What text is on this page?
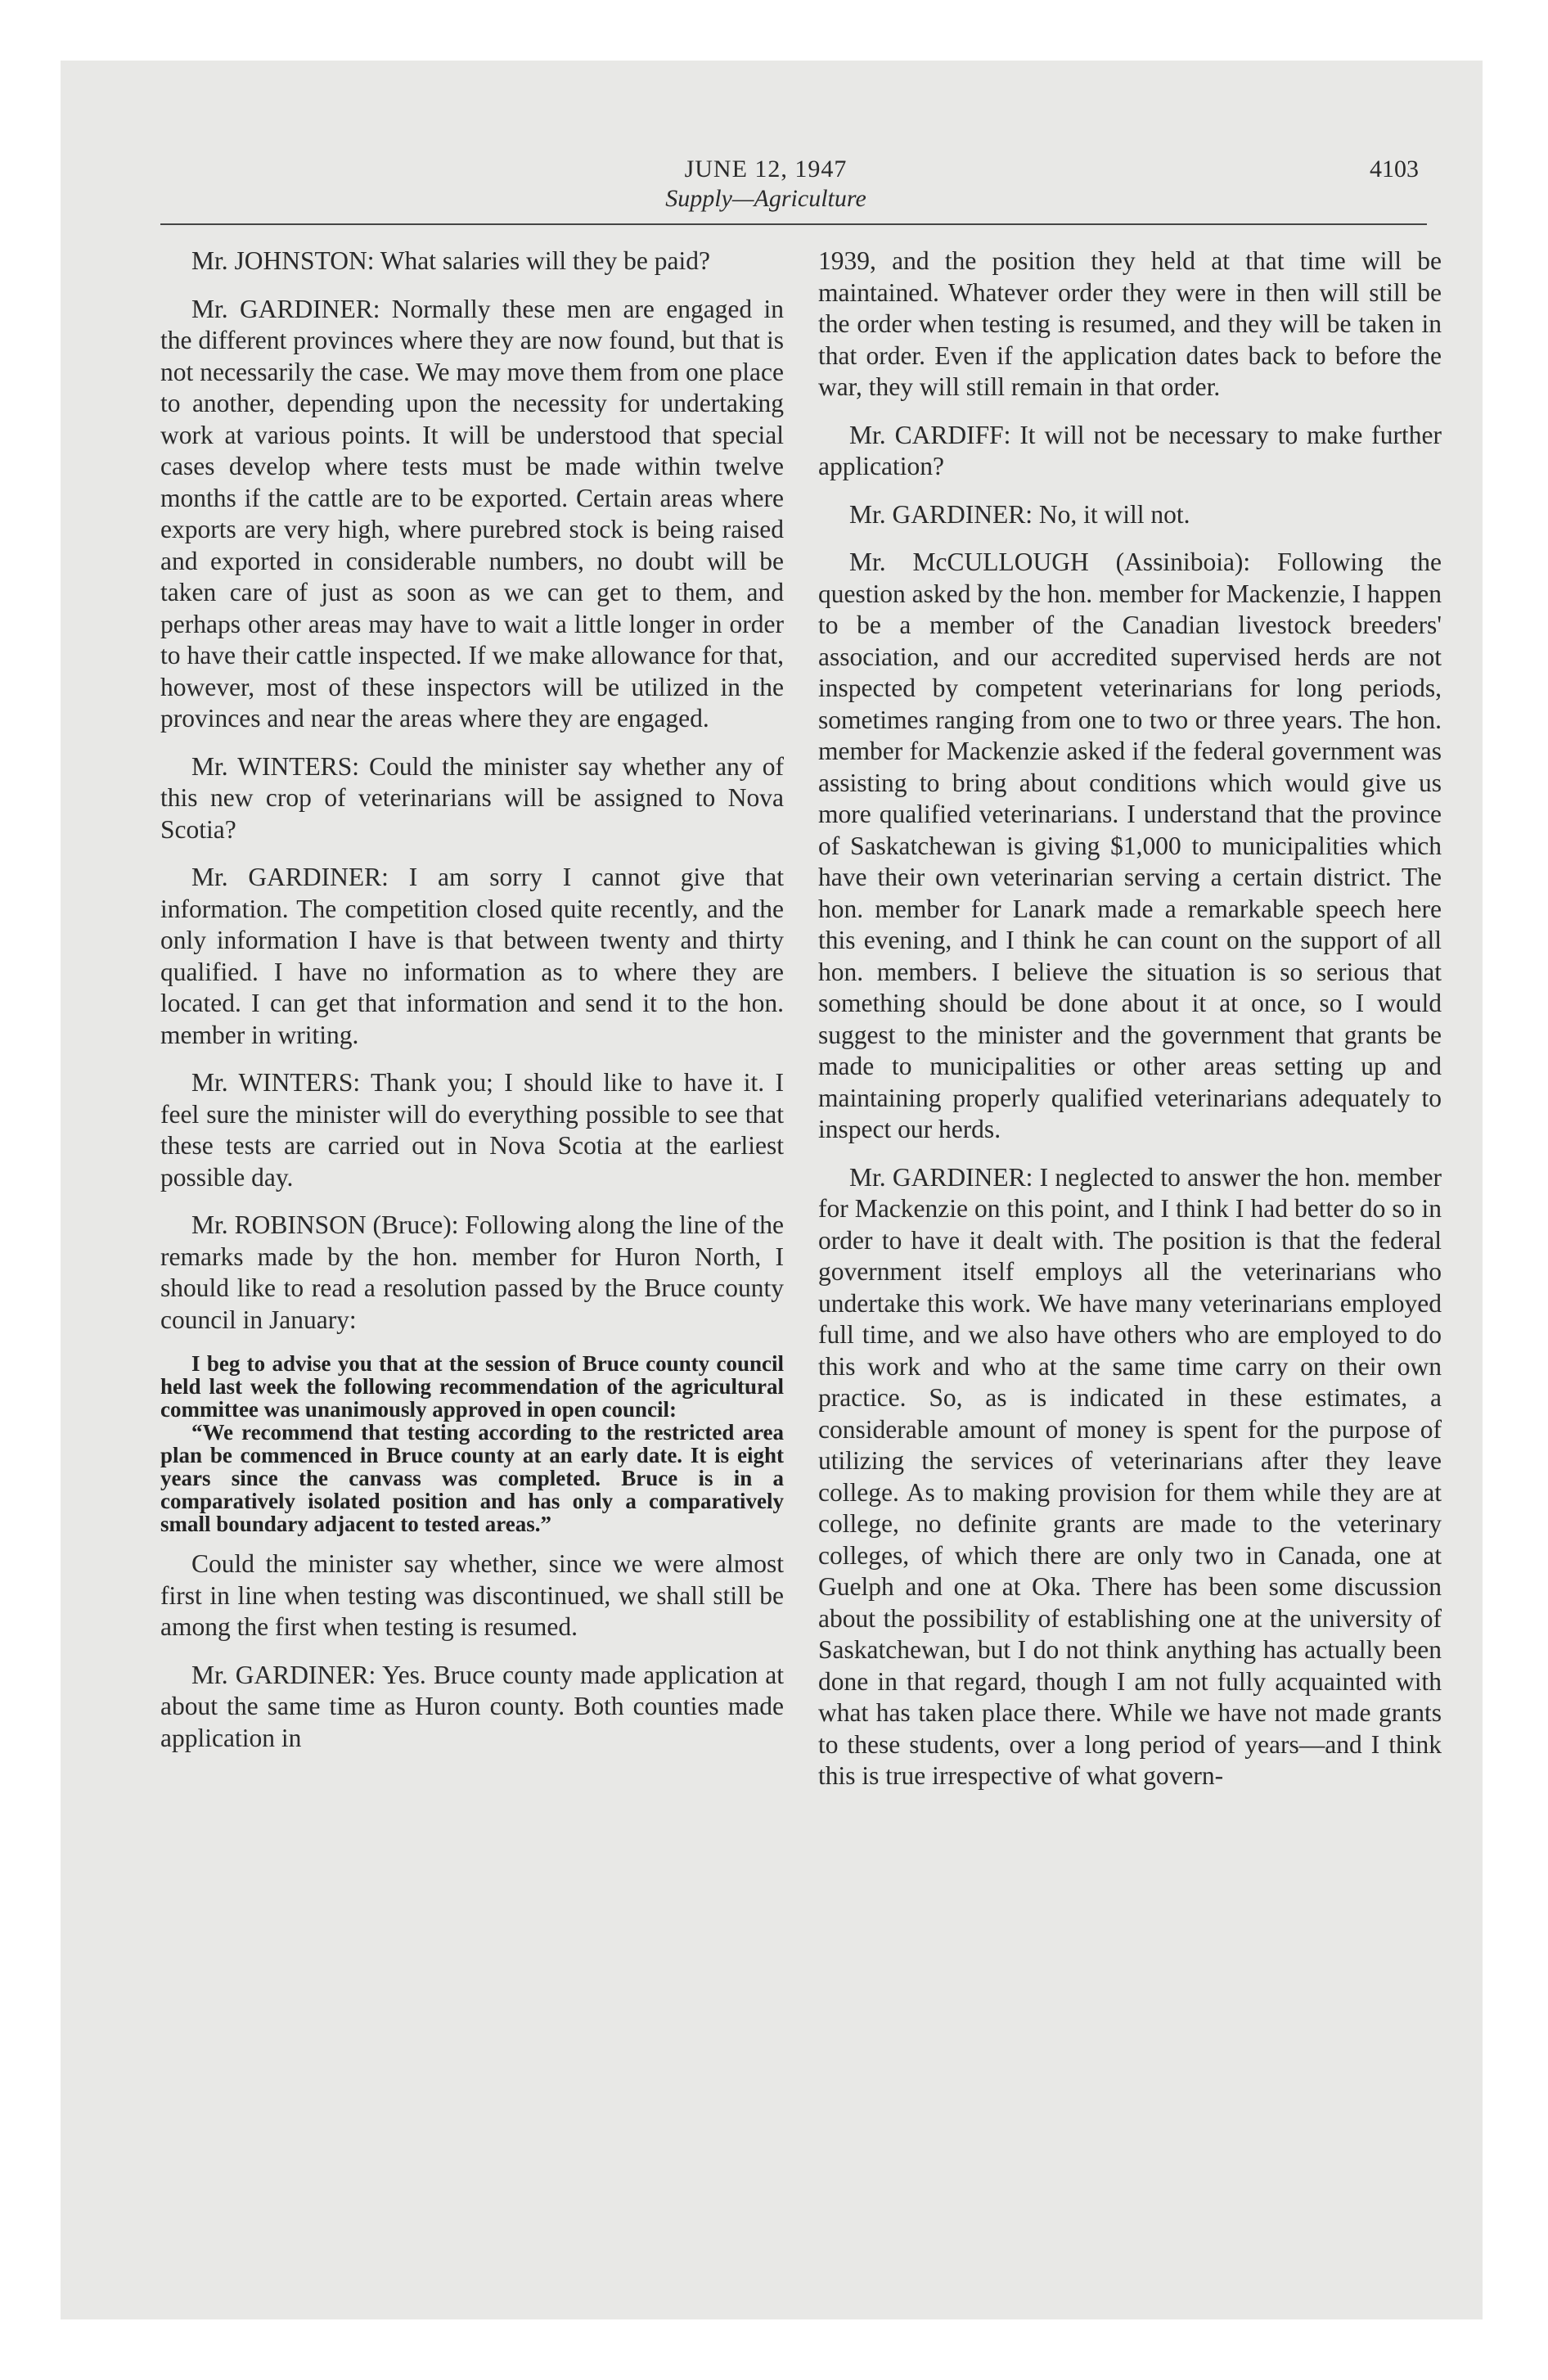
JUNE 12, 1947	4103
Supply—Agriculture

Mr. JOHNSTON: What salaries will they be paid?

Mr. GARDINER: Normally these men are engaged in the different provinces where they are now found, but that is not necessarily the case. We may move them from one place to another, depending upon the necessity for undertaking work at various points. It will be understood that special cases develop where tests must be made within twelve months if the cattle are to be exported. Certain areas where exports are very high, where purebred stock is being raised and exported in considerable numbers, no doubt will be taken care of just as soon as we can get to them, and perhaps other areas may have to wait a little longer in order to have their cattle inspected. If we make allowance for that, however, most of these inspectors will be utilized in the provinces and near the areas where they are engaged.

Mr. WINTERS: Could the minister say whether any of this new crop of veterinarians will be assigned to Nova Scotia?

Mr. GARDINER: I am sorry I cannot give that information. The competition closed quite recently, and the only information I have is that between twenty and thirty qualified. I have no information as to where they are located. I can get that information and send it to the hon. member in writing.

Mr. WINTERS: Thank you; I should like to have it. I feel sure the minister will do everything possible to see that these tests are carried out in Nova Scotia at the earliest possible day.

Mr. ROBINSON (Bruce): Following along the line of the remarks made by the hon. member for Huron North, I should like to read a resolution passed by the Bruce county council in January:

I beg to advise you that at the session of Bruce county council held last week the following recommendation of the agricultural committee was unanimously approved in open council:
“We recommend that testing according to the restricted area plan be commenced in Bruce county at an early date. It is eight years since the canvass was completed. Bruce is in a comparatively isolated position and has only a comparatively small boundary adjacent to tested areas.”

Could the minister say whether, since we were almost first in line when testing was discontinued, we shall still be among the first when testing is resumed.

Mr. GARDINER: Yes. Bruce county made application at about the same time as Huron county. Both counties made application in

1939, and the position they held at that time will be maintained. Whatever order they were in then will still be the order when testing is resumed, and they will be taken in that order. Even if the application dates back to before the war, they will still remain in that order.

Mr. CARDIFF: It will not be necessary to make further application?

Mr. GARDINER: No, it will not.

Mr. McCULLOUGH (Assiniboia): Following the question asked by the hon. member for Mackenzie, I happen to be a member of the Canadian livestock breeders' association, and our accredited supervised herds are not inspected by competent veterinarians for long periods, sometimes ranging from one to two or three years. The hon. member for Mackenzie asked if the federal government was assisting to bring about conditions which would give us more qualified veterinarians. I understand that the province of Saskatchewan is giving $1,000 to municipalities which have their own veterinarian serving a certain district. The hon. member for Lanark made a remarkable speech here this evening, and I think he can count on the support of all hon. members. I believe the situation is so serious that something should be done about it at once, so I would suggest to the minister and the government that grants be made to municipalities or other areas setting up and maintaining properly qualified veterinarians adequately to inspect our herds.

Mr. GARDINER: I neglected to answer the hon. member for Mackenzie on this point, and I think I had better do so in order to have it dealt with. The position is that the federal government itself employs all the veterinarians who undertake this work. We have many veterinarians employed full time, and we also have others who are employed to do this work and who at the same time carry on their own practice. So, as is indicated in these estimates, a considerable amount of money is spent for the purpose of utilizing the services of veterinarians after they leave college. As to making provision for them while they are at college, no definite grants are made to the veterinary colleges, of which there are only two in Canada, one at Guelph and one at Oka. There has been some discussion about the possibility of establishing one at the university of Saskatchewan, but I do not think anything has actually been done in that regard, though I am not fully acquainted with what has taken place there. While we have not made grants to these students, over a long period of years—and I think this is true irrespective of what govern-
